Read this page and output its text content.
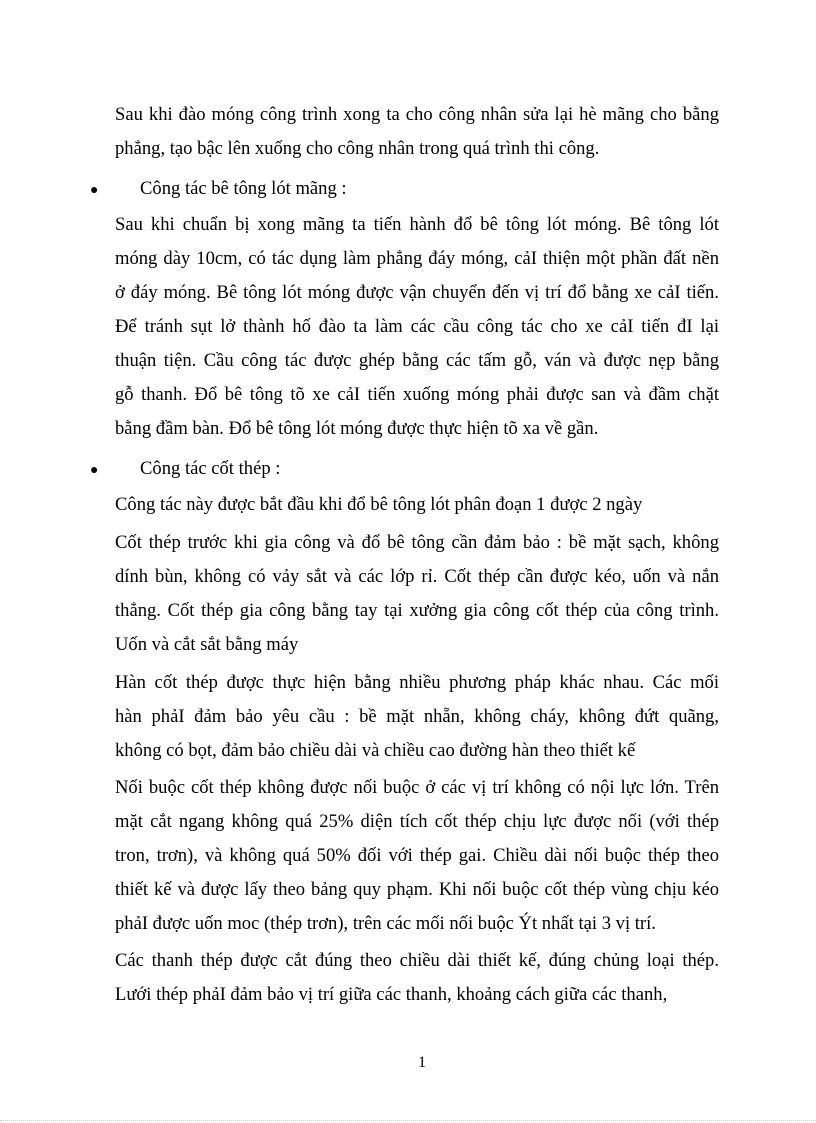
Sau khi đào móng công trình xong ta cho công nhân sửa lại hè mãng cho bằng
phẳng, tạo bậc lên xuống cho công nhân trong quá trình thi công.
● Công tác bê tông lót mãng :
Sau khi chuẩn bị xong mãng ta tiến hành đổ bê tông lót móng. Bê tông lót
móng dày 10cm, có tác dụng làm phẳng đáy móng, cảI thiện một phần đất nền
ở đáy móng. Bê tông lót móng được vận chuyển đến vị trí đổ bằng xe cảI tiến.
Để tránh sụt lở thành hố đào ta làm các cầu công tác cho xe cảI tiến đI lại
thuận tiện. Cầu công tác được ghép bằng các tấm gỗ, ván và được nẹp bằng
gỗ thanh. Đổ bê tông tõ xe cảI tiến xuống móng phải được san và đầm chặt
bằng đầm bàn. Đổ bê tông lót móng được thực hiện tõ xa về gần.
● Công tác cốt thép :
Công tác này được bắt đầu khi đổ bê tông lót phân đoạn 1 được 2 ngày
Cốt thép trước khi gia công và đổ bê tông cần đảm bảo : bề mặt sạch, không
dính bùn, không có vảy sắt và các lớp rỉ. Cốt thép cần được kéo, uốn và nắn
thẳng. Cốt thép gia công bằng tay tại xưởng gia công cốt thép của công trình.
Uốn và cắt sắt bằng máy
Hàn cốt thép được thực hiện bằng nhiều phương pháp khác nhau. Các mối
hàn phảI đảm bảo yêu cầu : bề mặt nhẵn, không cháy, không đứt quãng,
không có bọt, đảm bảo chiều dài và chiều cao đường hàn theo thiết kế
Nối buộc cốt thép không được nối buộc ở các vị trí không có nội lực lớn. Trên
mặt cắt ngang không quá 25% diện tích cốt thép chịu lực được nối (với thép
tron, trơn), và không quá 50% đối với thép gai. Chiều dài nối buộc thép theo
thiết kế và được lấy theo bảng quy phạm. Khi nối buộc cốt thép vùng chịu kéo
phảI được uốn moc (thép trơn), trên các mối nối buộc Ýt nhất tại 3 vị trí.
Các thanh thép được cắt đúng theo chiều dài thiết kế, đúng chủng loại thép.
Lưới thép phảI đảm bảo vị trí giữa các thanh, khoảng cách giữa các thanh,
1
